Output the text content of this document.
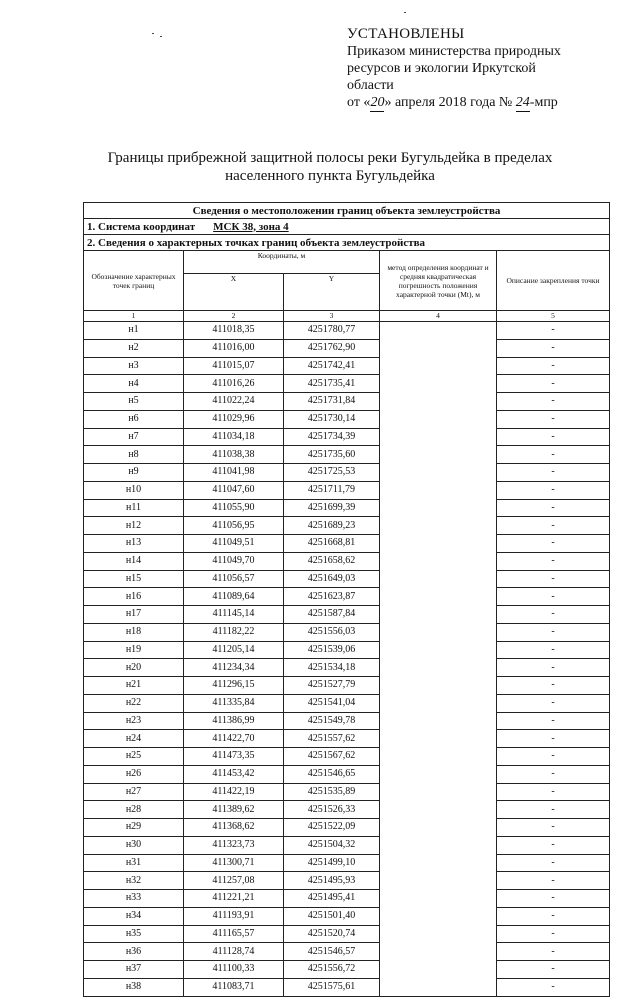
УСТАНОВЛЕНЫ
Приказом министерства природных
ресурсов и экологии Иркутской
области
от «20» апреля 2018 года № 24-мпр
Границы прибрежной защитной полосы реки Бугульдейка в пределах
населенного пункта Бугульдейка
Сведения о местоположении границ объекта землеустройства				
1. Система координат МСК 38, зона 4				
2. Сведения о характерных точках границ объекта землеустройства				
Обозначение характерных точек границ	Координаты, м		метод определения координат и средняя квадратическая погрешность положения характерной точки (Mt), м	Описание закрепления точки
	X	Y		
1	2	3	4	5
н1	411018,35	4251780,77		-
н2	411016,00	4251762,90		-
н3	411015,07	4251742,41		-
н4	411016,26	4251735,41		-
н5	411022,24	4251731,84		-
н6	411029,96	4251730,14		-
н7	411034,18	4251734,39		-
н8	411038,38	4251735,60		-
н9	411041,98	4251725,53		-
н10	411047,60	4251711,79		-
н11	411055,90	4251699,39		-
н12	411056,95	4251689,23		-
н13	411049,51	4251668,81		-
н14	411049,70	4251658,62		-
н15	411056,57	4251649,03		-
н16	411089,64	4251623,87		-
н17	411145,14	4251587,84		-
н18	411182,22	4251556,03		-
н19	411205,14	4251539,06		-
н20	411234,34	4251534,18		-
н21	411296,15	4251527,79		-
н22	411335,84	4251541,04		-
н23	411386,99	4251549,78		-
н24	411422,70	4251557,62		-
н25	411473,35	4251567,62		-
н26	411453,42	4251546,65		-
н27	411422,19	4251535,89		-
н28	411389,62	4251526,33		-
н29	411368,62	4251522,09		-
н30	411323,73	4251504,32		-
н31	411300,71	4251499,10		-
н32	411257,08	4251495,93		-
н33	411221,21	4251495,41		-
н34	411193,91	4251501,40		-
н35	411165,57	4251520,74		-
н36	411128,74	4251546,57		-
н37	411100,33	4251556,72		-
н38	411083,71	4251575,61		-
